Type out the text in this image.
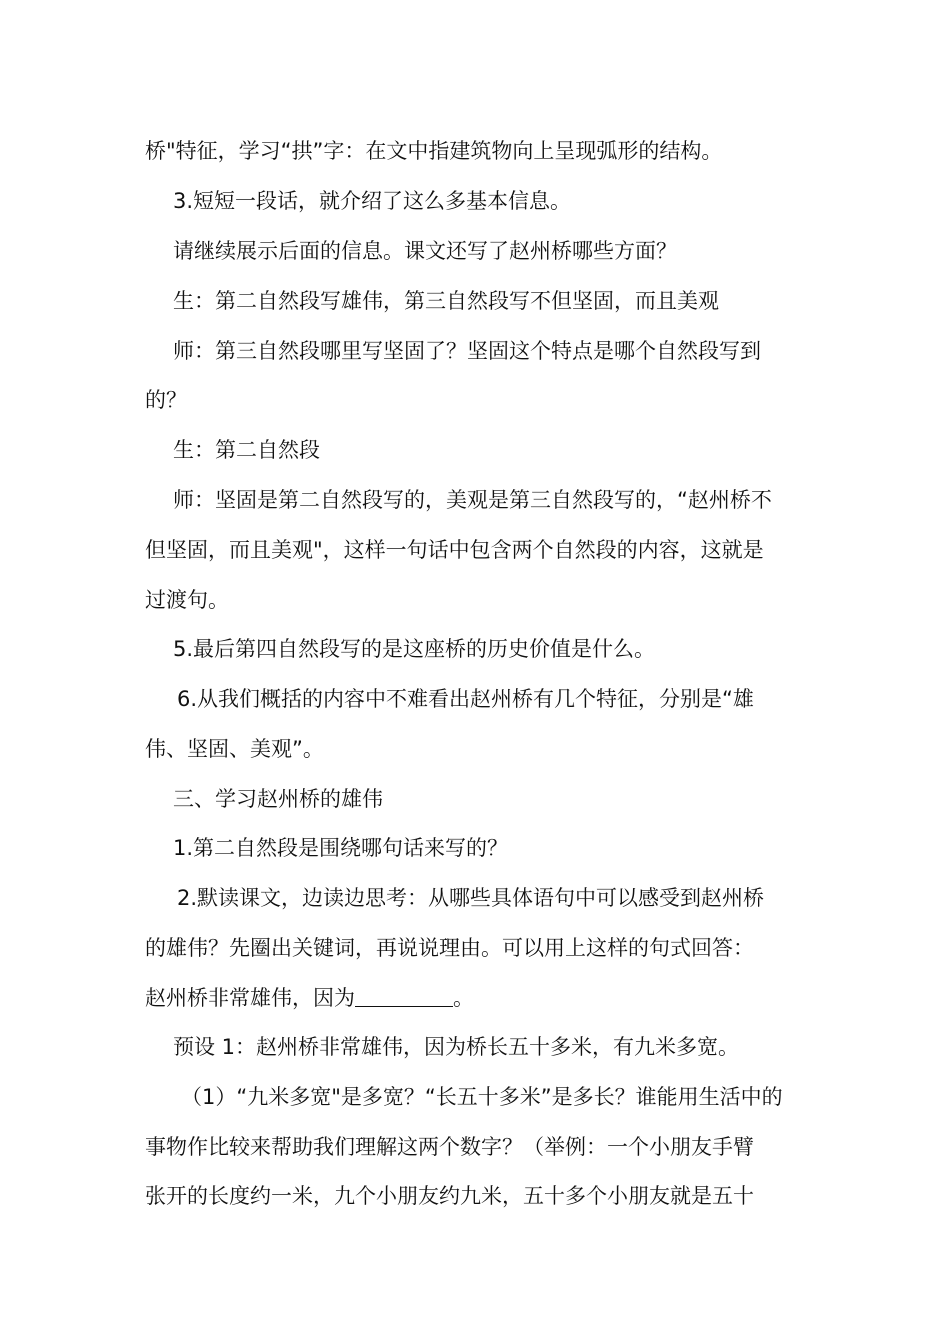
桥"特征，学习“拱”字：在文中指建筑物向上呈现弧形的结构。
3.短短一段话，就介绍了这么多基本信息。
请继续展示后面的信息。课文还写了赵州桥哪些方面？
生：第二自然段写雄伟，第三自然段写不但坚固，而且美观
师：第三自然段哪里写坚固了？坚固这个特点是哪个自然段写到
的？
生：第二自然段
师：坚固是第二自然段写的，美观是第三自然段写的，“赵州桥不
但坚固，而且美观"，这样一句话中包含两个自然段的内容，这就是
过渡句。
5.最后第四自然段写的是这座桥的历史价值是什么。
6.从我们概括的内容中不难看出赵州桥有几个特征，分别是“雄
伟、坚固、美观”。
三、学习赵州桥的雄伟
1.第二自然段是围绕哪句话来写的？
2.默读课文，边读边思考：从哪些具体语句中可以感受到赵州桥
的雄伟？先圈出关键词，再说说理由。可以用上这样的句式回答：
赵州桥非常雄伟，因为	。
预设 1：赵州桥非常雄伟，因为桥长五十多米，有九米多宽。
（1）“九米多宽"是多宽？“长五十多米”是多长？谁能用生活中的
事物作比较来帮助我们理解这两个数字？（举例：一个小朋友手臂
张开的长度约一米，九个小朋友约九米，五十多个小朋友就是五十
